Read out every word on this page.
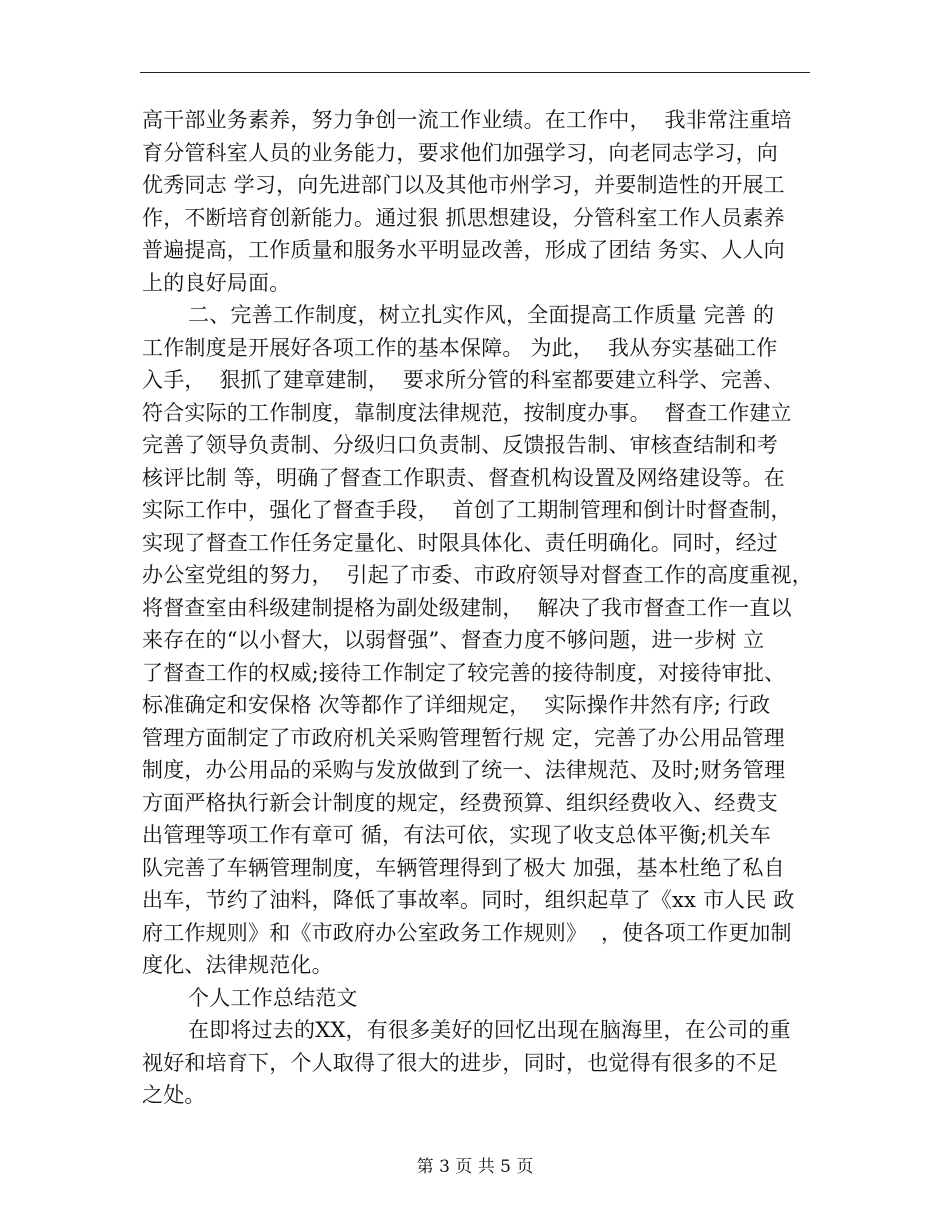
高干部业务素养，努力争创一流工作业绩。在工作中，  我非常注重培
育分管科室人员的业务能力，要求他们加强学习，向老同志学习，向
优秀同志 学习，向先进部门以及其他市州学习，并要制造性的开展工
作，不断培育创新能力。通过狠 抓思想建设，分管科室工作人员素养
普遍提高，工作质量和服务水平明显改善，形成了团结 务实、人人向
上的良好局面。
二、完善工作制度，树立扎实作风，全面提高工作质量 完善 的
工作制度是开展好各项工作的基本保障。 为此，  我从夯实基础工作
入手，  狠抓了建章建制，  要求所分管的科室都要建立科学、完善、
符合实际的工作制度，靠制度法律规范，按制度办事。  督查工作建立
完善了领导负责制、分级归口负责制、反馈报告制、审核查结制和考
核评比制 等，明确了督查工作职责、督查机构设置及网络建设等。在
实际工作中，强化了督查手段，  首创了工期制管理和倒计时督查制，
实现了督查工作任务定量化、时限具体化、责任明确化。同时，经过
办公室党组的努力，  引起了市委、市政府领导对督查工作的高度重视，
将督查室由科级建制提格为副处级建制，  解决了我市督查工作一直以
来存在的“以小督大，以弱督强”、督查力度不够问题，进一步树 立
了督查工作的权威;接待工作制定了较完善的接待制度，对接待审批、
标准确定和安保格 次等都作了详细规定，  实际操作井然有序; 行政
管理方面制定了市政府机关采购管理暂行规 定，完善了办公用品管理
制度，办公用品的采购与发放做到了统一、法律规范、及时;财务管理
方面严格执行新会计制度的规定，经费预算、组织经费收入、经费支
出管理等项工作有章可 循，有法可依，实现了收支总体平衡;机关车
队完善了车辆管理制度，车辆管理得到了极大 加强，基本杜绝了私自
出车，节约了油料，降低了事故率。同时，组织起草了《xx 市人民 政
府工作规则》和《市政府办公室政务工作规则》  ，使各项工作更加制
度化、法律规范化。
个人工作总结范文
在即将过去的XX，有很多美好的回忆出现在脑海里，在公司的重
视好和培育下，个人取得了很大的进步，同时，也觉得有很多的不足
之处。
第 3 页 共 5 页
